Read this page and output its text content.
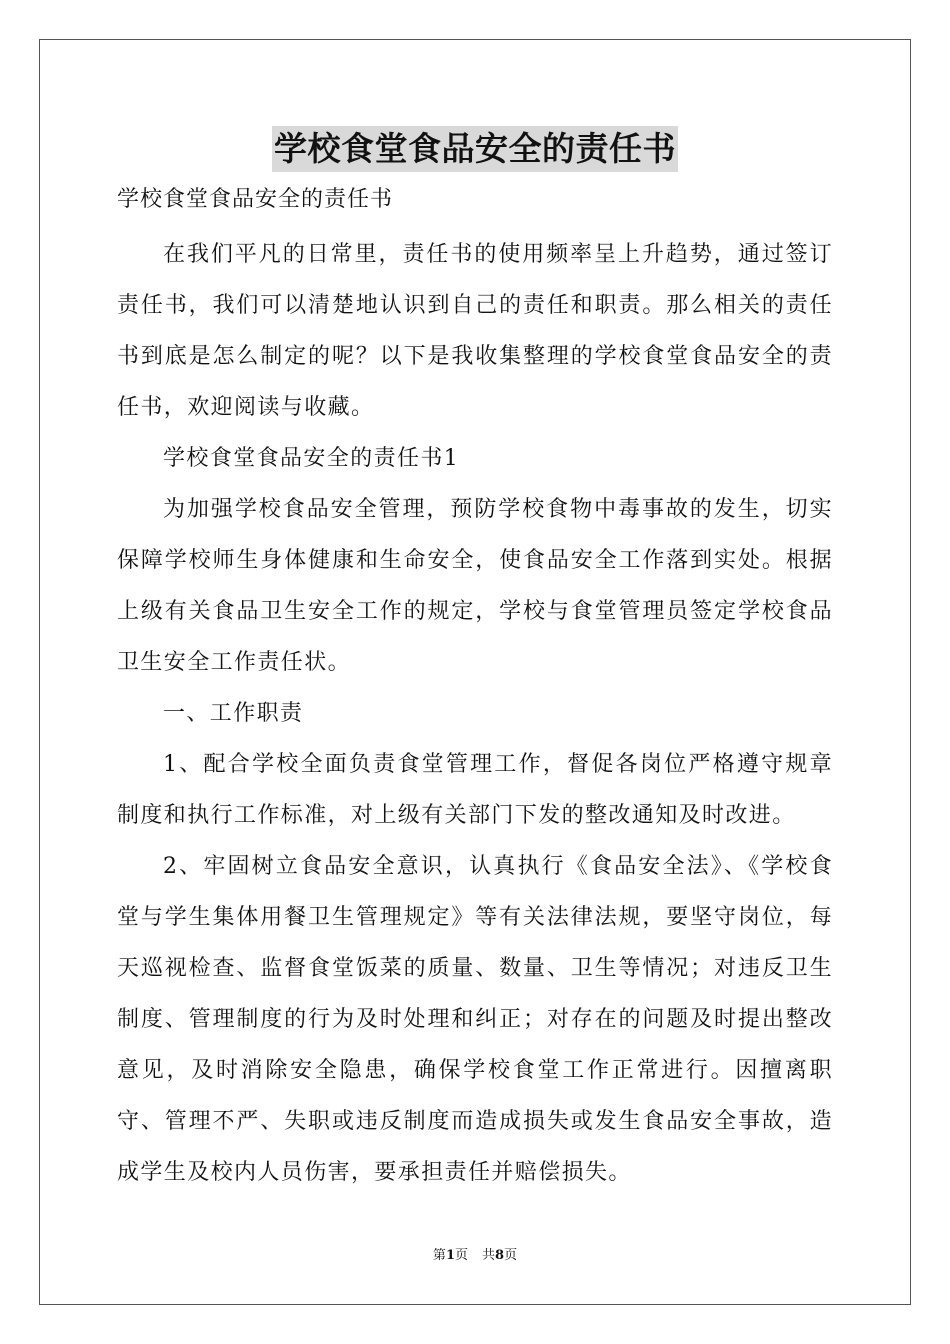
学校食堂食品安全的责任书

学校食堂食品安全的责任书

在我们平凡的日常里，责任书的使用频率呈上升趋势，通过签订责任书，我们可以清楚地认识到自己的责任和职责。那么相关的责任书到底是怎么制定的呢？以下是我收集整理的学校食堂食品安全的责任书，欢迎阅读与收藏。

学校食堂食品安全的责任书1

为加强学校食品安全管理，预防学校食物中毒事故的发生，切实保障学校师生身体健康和生命安全，使食品安全工作落到实处。根据上级有关食品卫生安全工作的规定，学校与食堂管理员签定学校食品卫生安全工作责任状。

一、工作职责

1、配合学校全面负责食堂管理工作，督促各岗位严格遵守规章制度和执行工作标准，对上级有关部门下发的整改通知及时改进。

2、牢固树立食品安全意识，认真执行《食品安全法》、《学校食堂与学生集体用餐卫生管理规定》等有关法律法规，要坚守岗位，每天巡视检查、监督食堂饭菜的质量、数量、卫生等情况；对违反卫生制度、管理制度的行为及时处理和纠正；对存在的问题及时提出整改意见，及时消除安全隐患，确保学校食堂工作正常进行。因擅离职守、管理不严、失职或违反制度而造成损失或发生食品安全事故，造成学生及校内人员伤害，要承担责任并赔偿损失。

第1页 共8页
